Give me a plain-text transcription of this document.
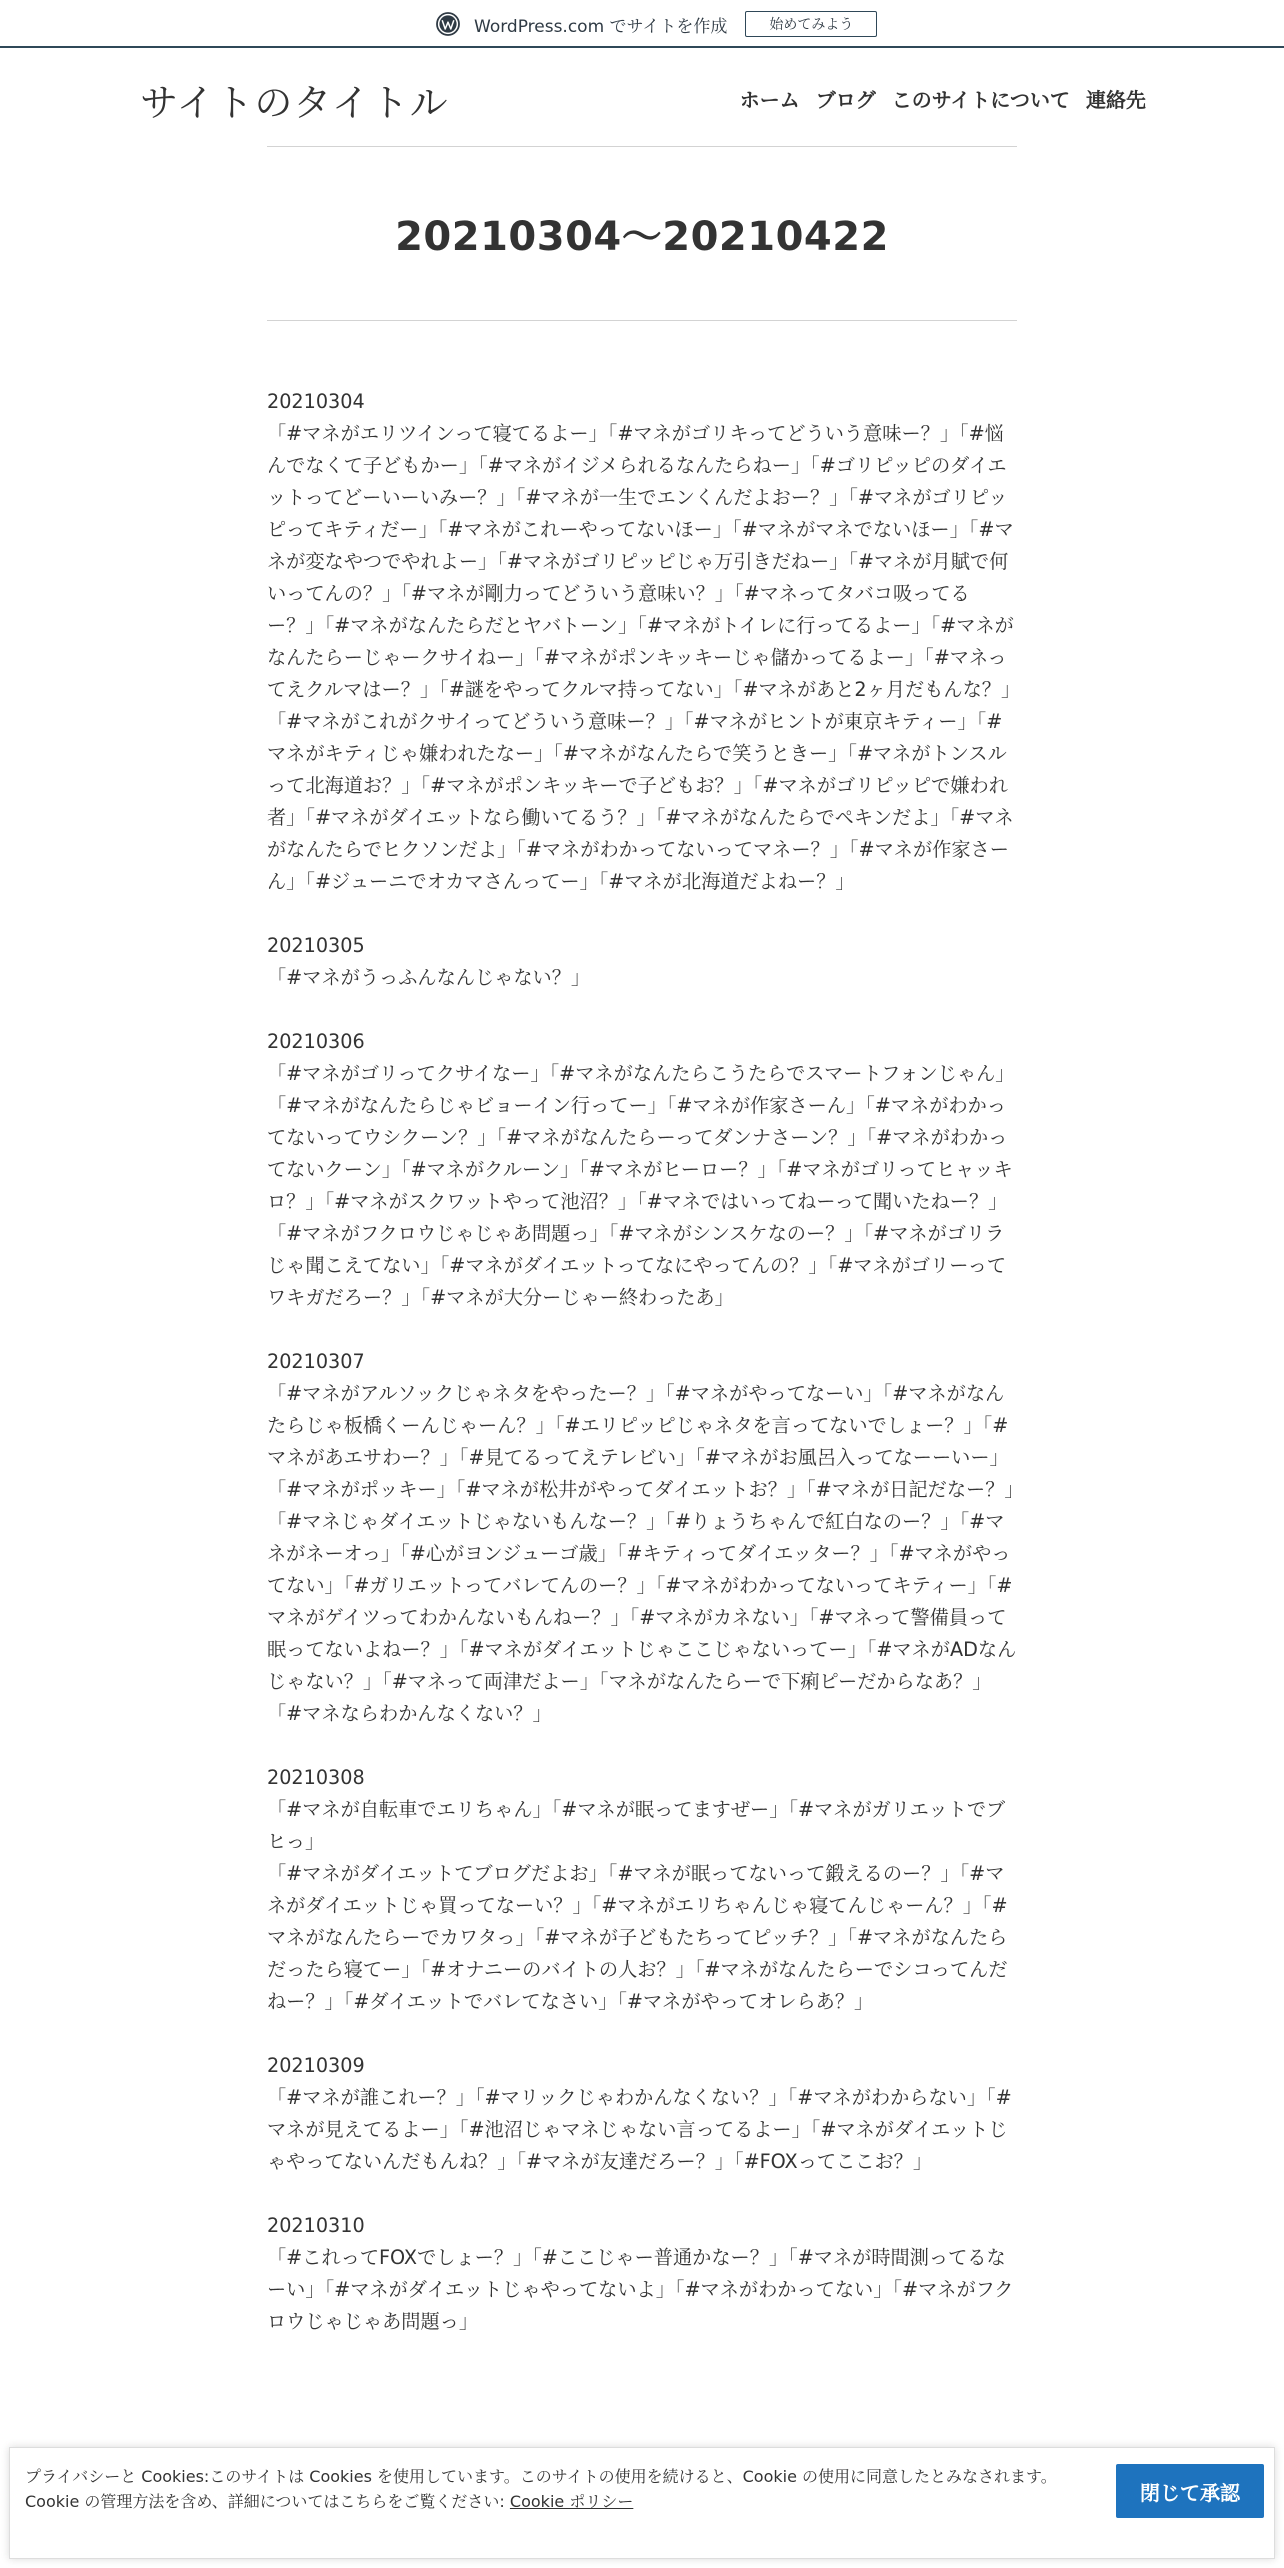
WordPress.com でサイトを作成	始めてみよう
サイトのタイトル	ホーム ブログ このサイトについて 連絡先
20210304～20210422
20210304
「#マネがエリツインって寝てるよー」「#マネがゴリキってどういう意味ー？」「#悩んでなくて子どもかー」「#マネがイジメられるなんたらねー」「#ゴリピッピのダイエットってどーいーいみー？」「#マネが一生でエンくんだよおー？」「#マネがゴリピッピってキティだー」「#マネがこれーやってないほー」「#マネがマネでないほー」「#マネが変なやつでやれよー」「#マネがゴリピッピじゃ万引きだねー」「#マネが月賦で何いってんの？」「#マネが剛力ってどういう意味い？」「#マネってタバコ吸ってるー？」「#マネがなんたらだとヤバトーン」「#マネがトイレに行ってるよー」「#マネがなんたらーじゃークサイねー」「#マネがポンキッキーじゃ儲かってるよー」「#マネってえクルマはー？」「#謎をやってクルマ持ってない」「#マネがあと2ヶ月だもんな？」「#マネがこれがクサイってどういう意味ー？」「#マネがヒントが東京キティー」「#マネがキティじゃ嫌われたなー」「#マネがなんたらで笑うときー」「#マネがトンスルって北海道お？」「#マネがポンキッキーで子どもお？」「#マネがゴリピッピで嫌われ者」「#マネがダイエットなら働いてるう？」「#マネがなんたらでペキンだよ」「#マネがなんたらでヒクソンだよ」「#マネがわかってないってマネー？」「#マネが作家さーん」「#ジューニでオカマさんってー」「#マネが北海道だよねー？」
20210305
「#マネがうっふんなんじゃない？」
20210306
「#マネがゴリってクサイなー」「#マネがなんたらこうたらでスマートフォンじゃん」「#マネがなんたらじゃビョーイン行ってー」「#マネが作家さーん」「#マネがわかってないってウシクーン？」「#マネがなんたらーってダンナさーン？」「#マネがわかってないクーン」「#マネがクルーン」「#マネがヒーロー？」「#マネがゴリってヒャッキロ？」「#マネがスクワットやって池沼？」「#マネではいってねーって聞いたねー？」「#マネがフクロウじゃじゃあ問題っ」「#マネがシンスケなのー？」「#マネがゴリラじゃ聞こえてない」「#マネがダイエットってなにやってんの？」「#マネがゴリーってワキガだろー？」「#マネが大分ーじゃー終わったあ」
20210307
「#マネがアルソックじゃネタをやったー？」「#マネがやってなーい」「#マネがなんたらじゃ板橋くーんじゃーん？」「#エリピッピじゃネタを言ってないでしょー？」「#マネがあエサわー？」「#見てるってえテレビい」「#マネがお風呂入ってなーーいー」「#マネがポッキー」「#マネが松井がやってダイエットお？」「#マネが日記だなー？」「#マネじゃダイエットじゃないもんなー？」「#りょうちゃんで紅白なのー？」「#マネがネーオっ」「#心がヨンジューゴ歳」「#キティってダイエッター？」「#マネがやってない」「#ガリエットってバレてんのー？」「#マネがわかってないってキティー」「#マネがゲイツってわかんないもんねー？」「#マネがカネない」「#マネって警備員って眠ってないよねー？」「#マネがダイエットじゃここじゃないってー」「#マネがADなんじゃない？」「#マネって両津だよー」「マネがなんたらーで下痢ピーだからなあ？」「#マネならわかんなくない？」
20210308
「#マネが自転車でエリちゃん」「#マネが眠ってますぜー」「#マネがガリエットでブヒっ」
「#マネがダイエットてブログだよお」「#マネが眠ってないって鍛えるのー？」「#マネがダイエットじゃ買ってなーい？」「#マネがエリちゃんじゃ寝てんじゃーん？」「#マネがなんたらーでカワタっ」「#マネが子どもたちってピッチ？」「#マネがなんたらだったら寝てー」「#オナニーのバイトの人お？」「#マネがなんたらーでシコってんだねー？」「#ダイエットでバレてなさい」「#マネがやってオレらあ？」
20210309
「#マネが誰これー？」「#マリックじゃわかんなくない？」「#マネがわからない」「#マネが見えてるよー」「#池沼じゃマネじゃない言ってるよー」「#マネがダイエットじゃやってないんだもんね？」「#マネが友達だろー？」「#FOXってここお？」
20210310
「#これってFOXでしょー？」「#ここじゃー普通かなー？」「#マネが時間測ってるなーい」「#マネがダイエットじゃやってないよ」「#マネがわかってない」「#マネがフクロウじゃじゃあ問題っ」
プライバシーと Cookies:このサイトは Cookies を使用しています。このサイトの使用を続けると、Cookie の使用に同意したとみなされます。
Cookie の管理方法を含め、詳細についてはこちらをご覧ください: Cookie ポリシー	閉じて承認
